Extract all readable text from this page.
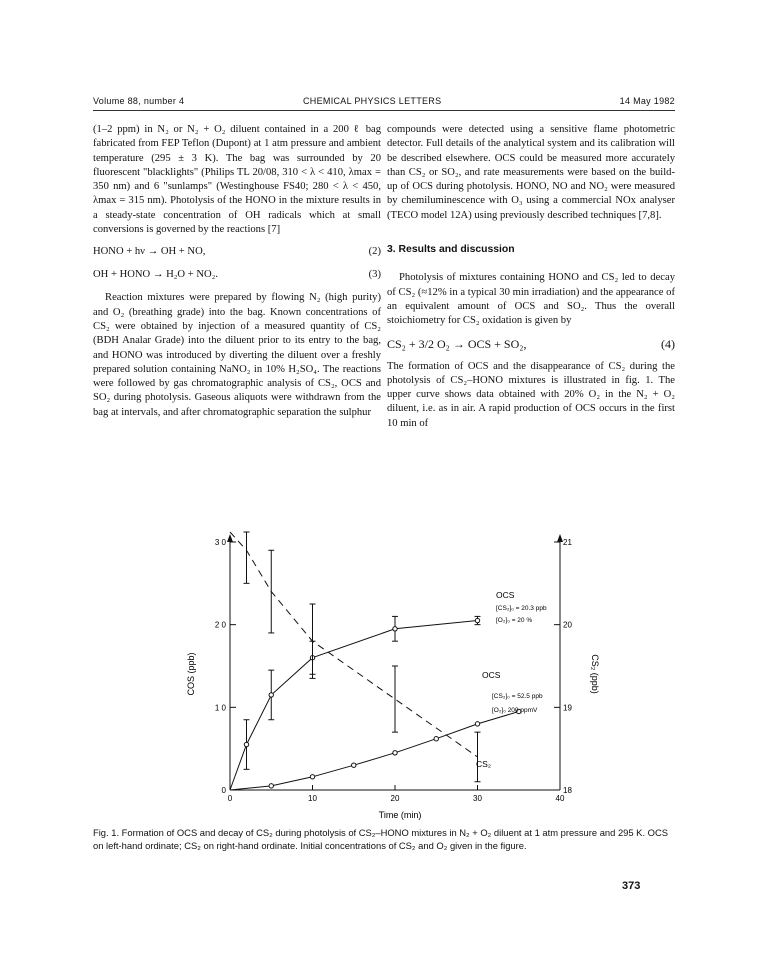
Volume 88, number 4	CHEMICAL PHYSICS LETTERS	14 May 1982

(1–2 ppm) in N₂ or N₂ + O₂ diluent contained in a 200 ℓ bag fabricated from FEP Teflon (Dupont) at 1 atm pressure and ambient temperature (295 ± 3 K). The bag was surrounded by 20 fluorescent "blacklights" (Philips TL 20/08, 310 < λ < 410, λmax = 350 nm) and 6 "sunlamps" (Westinghouse FS40; 280 < λ < 450, λmax = 315 nm). Photolysis of the HONO in the mixture results in a steady-state concentration of OH radicals which at small conversions is governed by the reactions [7]

HONO + hν → OH + NO,	(2)
OH + HONO → H₂O + NO₂.	(3)

Reaction mixtures were prepared by flowing N₂ (high purity) and O₂ (breathing grade) into the bag. Known concentrations of CS₂ were obtained by injection of a measured quantity of CS₂ (BDH Analar Grade) into the diluent prior to its entry to the bag, and HONO was introduced by diverting the diluent over a freshly prepared solution containing NaNO₂ in 10% H₂SO₄. The reactions were followed by gas chromatographic analysis of CS₂, OCS and SO₂ during photolysis. Gaseous aliquots were withdrawn from the bag at intervals, and after chromatographic separation the sulphur

compounds were detected using a sensitive flame photometric detector. Full details of the analytical system and its calibration will be described elsewhere. OCS could be measured more accurately than CS₂ or SO₂, and rate measurements were based on the build-up of OCS during photolysis. HONO, NO and NO₂ were measured by chemiluminescence with O₃ using a commercial NOx analyser (TECO model 12A) using previously described techniques [7,8].

3. Results and discussion

Photolysis of mixtures containing HONO and CS₂ led to decay of CS₂ (≈12% in a typical 30 min irradiation) and the appearance of an equivalent amount of OCS and SO₂. Thus the overall stoichiometry for CS₂ oxidation is given by

CS₂ + 3/2 O₂ → OCS + SO₂,	(4)

The formation of OCS and the disappearance of CS₂ during the photolysis of CS₂–HONO mixtures is illustrated in fig. 1. The upper curve shows data obtained with 20% O₂ in the N₂ + O₂ diluent, i.e. as in air. A rapid production of OCS occurs in the first 10 min of

0	10	20	30	40
0
1 0
2 0
3 0
18
19
20
21
COS (ppb)	CS₂ (ppb)
Time (min)
OCS
[CS₂]₀ = 20.3 ppb
[O₂]₀ = 20 %
OCS
[CS₂]₀ = 52.5 ppb
[O₂]₀ 200 ppmV
CS₂
Fig. 1. Formation of OCS and decay of CS₂ during photolysis of CS₂–HONO mixtures in N₂ + O₂ diluent at 1 atm pressure and 295 K. OCS on left-hand ordinate; CS₂ on right-hand ordinate. Initial concentrations of CS₂ and O₂ given in the figure.
373
